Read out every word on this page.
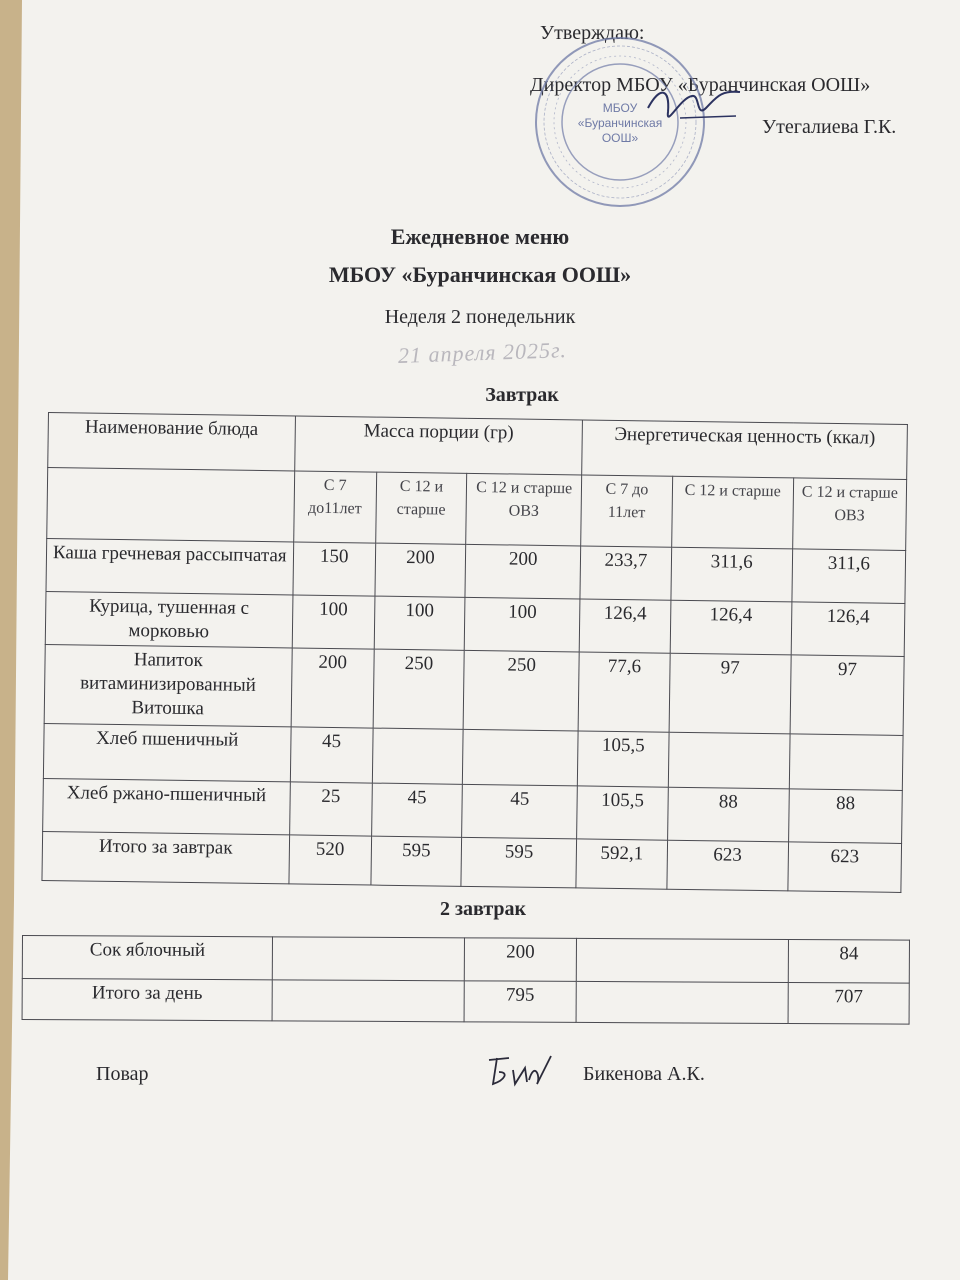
Утверждаю:
Директор МБОУ «Буранчинская ООШ»
Утегалиева Г.К.
МБОУ
«Буранчинская
ООШ»
Ежедневное меню
МБОУ «Буранчинская ООШ»
Неделя 2 понедельник
21 апреля 2025г.
Завтрак
Наименование блюда	Масса порции (гр)			Энергетическая ценность (ккал)		
	С 7 до11лет	С 12 и старше	С 12 и старше ОВЗ	С 7 до 11лет	С 12 и старше	С 12 и старше ОВЗ
Каша гречневая рассыпчатая	150	200	200	233,7	311,6	311,6
Курица, тушенная с морковью	100	100	100	126,4	126,4	126,4
Напиток витаминизированный Витошка	200	250	250	77,6	97	97
Хлеб пшеничный	45			105,5		
Хлеб ржано-пшеничный	25	45	45	105,5	88	88
Итого за завтрак	520	595	595	592,1	623	623
2 завтрак
Сок яблочный		200		84
Итого за день		795		707
Повар	Бикенова А.К.
